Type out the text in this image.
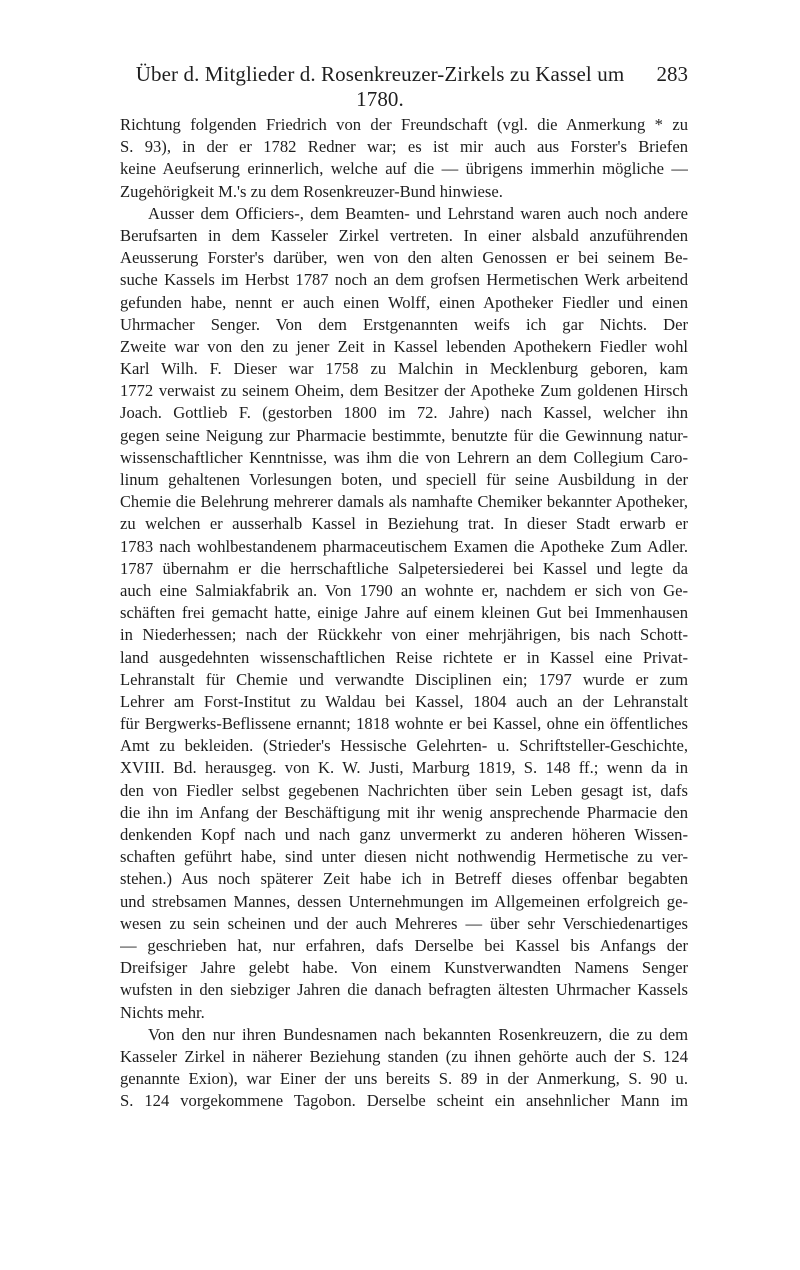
Über d. Mitglieder d. Rosenkreuzer-Zirkels zu Kassel um 1780.
283
Richtung folgenden Friedrich von der Freundschaft (vgl. die Anmerkung * zu
S. 93), in der er 1782 Redner war; es ist mir auch aus Forster's Briefen
keine Aeufserung erinnerlich, welche auf die — übrigens immerhin mögliche —
Zugehörigkeit M.'s zu dem Rosenkreuzer-Bund hinwiese.
Ausser dem Officiers-, dem Beamten- und Lehrstand waren auch noch andere
Berufsarten in dem Kasseler Zirkel vertreten. In einer alsbald anzuführenden
Aeusserung Forster's darüber, wen von den alten Genossen er bei seinem Be-
suche Kassels im Herbst 1787 noch an dem grofsen Hermetischen Werk arbeitend
gefunden habe, nennt er auch einen Wolff, einen Apotheker Fiedler und einen
Uhrmacher Senger. Von dem Erstgenannten weifs ich gar Nichts. Der
Zweite war von den zu jener Zeit in Kassel lebenden Apothekern Fiedler wohl
Karl Wilh. F. Dieser war 1758 zu Malchin in Mecklenburg geboren, kam
1772 verwaist zu seinem Oheim, dem Besitzer der Apotheke Zum goldenen Hirsch
Joach. Gottlieb F. (gestorben 1800 im 72. Jahre) nach Kassel, welcher ihn
gegen seine Neigung zur Pharmacie bestimmte, benutzte für die Gewinnung natur-
wissenschaftlicher Kenntnisse, was ihm die von Lehrern an dem Collegium Caro-
linum gehaltenen Vorlesungen boten, und speciell für seine Ausbildung in der
Chemie die Belehrung mehrerer damals als namhafte Chemiker bekannter Apotheker,
zu welchen er ausserhalb Kassel in Beziehung trat. In dieser Stadt erwarb er
1783 nach wohlbestandenem pharmaceutischem Examen die Apotheke Zum Adler.
1787 übernahm er die herrschaftliche Salpetersiederei bei Kassel und legte da
auch eine Salmiakfabrik an. Von 1790 an wohnte er, nachdem er sich von Ge-
schäften frei gemacht hatte, einige Jahre auf einem kleinen Gut bei Immenhausen
in Niederhessen; nach der Rückkehr von einer mehrjährigen, bis nach Schott-
land ausgedehnten wissenschaftlichen Reise richtete er in Kassel eine Privat-
Lehranstalt für Chemie und verwandte Disciplinen ein; 1797 wurde er zum
Lehrer am Forst-Institut zu Waldau bei Kassel, 1804 auch an der Lehranstalt
für Bergwerks-Beflissene ernannt; 1818 wohnte er bei Kassel, ohne ein öffentliches
Amt zu bekleiden. (Strieder's Hessische Gelehrten- u. Schriftsteller-Geschichte,
XVIII. Bd. herausgeg. von K. W. Justi, Marburg 1819, S. 148 ff.; wenn da in
den von Fiedler selbst gegebenen Nachrichten über sein Leben gesagt ist, dafs
die ihn im Anfang der Beschäftigung mit ihr wenig ansprechende Pharmacie den
denkenden Kopf nach und nach ganz unvermerkt zu anderen höheren Wissen-
schaften geführt habe, sind unter diesen nicht nothwendig Hermetische zu ver-
stehen.) Aus noch späterer Zeit habe ich in Betreff dieses offenbar begabten
und strebsamen Mannes, dessen Unternehmungen im Allgemeinen erfolgreich ge-
wesen zu sein scheinen und der auch Mehreres — über sehr Verschiedenartiges
— geschrieben hat, nur erfahren, dafs Derselbe bei Kassel bis Anfangs der
Dreifsiger Jahre gelebt habe. Von einem Kunstverwandten Namens Senger
wufsten in den siebziger Jahren die danach befragten ältesten Uhrmacher Kassels
Nichts mehr.
Von den nur ihren Bundesnamen nach bekannten Rosenkreuzern, die zu dem
Kasseler Zirkel in näherer Beziehung standen (zu ihnen gehörte auch der S. 124
genannte Exion), war Einer der uns bereits S. 89 in der Anmerkung, S. 90 u.
S. 124 vorgekommene Tagobon. Derselbe scheint ein ansehnlicher Mann im
